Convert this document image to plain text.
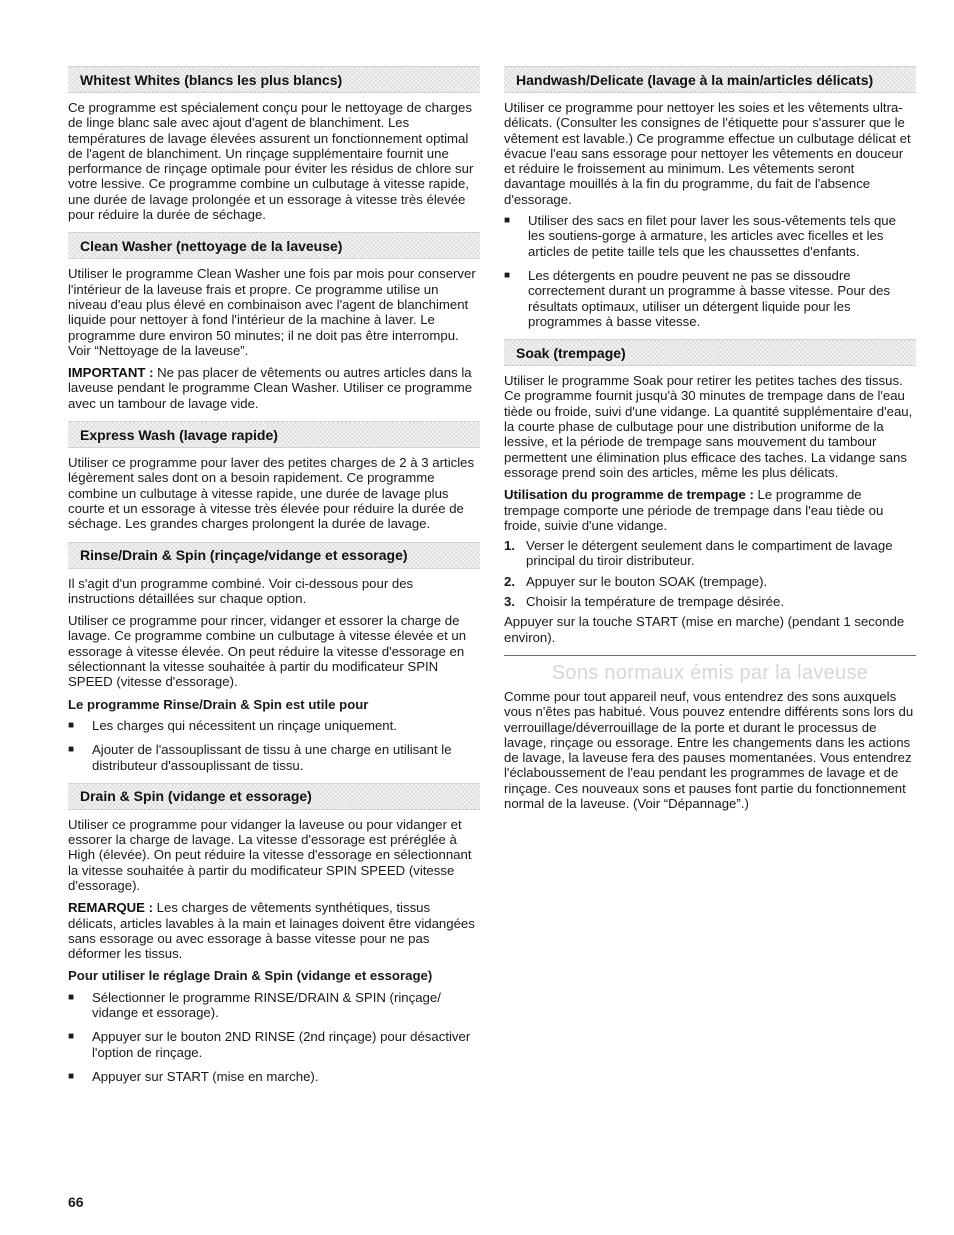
Whitest Whites (blancs les plus blancs)

Ce programme est spécialement conçu pour le nettoyage de charges de linge blanc sale avec ajout d'agent de blanchiment. Les températures de lavage élevées assurent un fonctionnement optimal de l'agent de blanchiment. Un rinçage supplémentaire fournit une performance de rinçage optimale pour éviter les résidus de chlore sur votre lessive. Ce programme combine un culbutage à vitesse rapide, une durée de lavage prolongée et un essorage à vitesse très élevée pour réduire la durée de séchage.

Clean Washer (nettoyage de la laveuse)

Utiliser le programme Clean Washer une fois par mois pour conserver l'intérieur de la laveuse frais et propre. Ce programme utilise un niveau d'eau plus élevé en combinaison avec l'agent de blanchiment liquide pour nettoyer à fond l'intérieur de la machine à laver. Le programme dure environ 50 minutes; il ne doit pas être interrompu. Voir “Nettoyage de la laveuse”.

IMPORTANT : Ne pas placer de vêtements ou autres articles dans la laveuse pendant le programme Clean Washer. Utiliser ce programme avec un tambour de lavage vide.

Express Wash (lavage rapide)

Utiliser ce programme pour laver des petites charges de 2 à 3 articles légèrement sales dont on a besoin rapidement. Ce programme combine un culbutage à vitesse rapide, une durée de lavage plus courte et un essorage à vitesse très élevée pour réduire la durée de séchage. Les grandes charges prolongent la durée de lavage.

Rinse/Drain & Spin (rinçage/vidange et essorage)

Il s'agit d'un programme combiné. Voir ci-dessous pour des instructions détaillées sur chaque option.

Utiliser ce programme pour rincer, vidanger et essorer la charge de lavage. Ce programme combine un culbutage à vitesse élevée et un essorage à vitesse élevée. On peut réduire la vitesse d'essorage en sélectionnant la vitesse souhaitée à partir du modificateur SPIN SPEED (vitesse d'essorage).

Le programme Rinse/Drain & Spin est utile pour

■	Les charges qui nécessitent un rinçage uniquement.
■	Ajouter de l'assouplissant de tissu à une charge en utilisant le distributeur d'assouplissant de tissu.
Drain & Spin (vidange et essorage)

Utiliser ce programme pour vidanger la laveuse ou pour vidanger et essorer la charge de lavage. La vitesse d'essorage est préréglée à High (élevée). On peut réduire la vitesse d'essorage en sélectionnant la vitesse souhaitée à partir du modificateur SPIN SPEED (vitesse d'essorage).

REMARQUE : Les charges de vêtements synthétiques, tissus délicats, articles lavables à la main et lainages doivent être vidangées sans essorage ou avec essorage à basse vitesse pour ne pas déformer les tissus.

Pour utiliser le réglage Drain & Spin (vidange et essorage)

■	Sélectionner le programme RINSE/DRAIN & SPIN (rinçage/ vidange et essorage).
■	Appuyer sur le bouton 2ND RINSE (2nd rinçage) pour désactiver l'option de rinçage.
■	Appuyer sur START (mise en marche).
Handwash/Delicate (lavage à la main/articles délicats)

Utiliser ce programme pour nettoyer les soies et les vêtements ultra-délicats. (Consulter les consignes de l'étiquette pour s'assurer que le vêtement est lavable.) Ce programme effectue un culbutage délicat et évacue l'eau sans essorage pour nettoyer les vêtements en douceur et réduire le froissement au minimum. Les vêtements seront davantage mouillés à la fin du programme, du fait de l'absence d'essorage.

■	Utiliser des sacs en filet pour laver les sous-vêtements tels que les soutiens-gorge à armature, les articles avec ficelles et les articles de petite taille tels que les chaussettes d'enfants.
■	Les détergents en poudre peuvent ne pas se dissoudre correctement durant un programme à basse vitesse. Pour des résultats optimaux, utiliser un détergent liquide pour les programmes à basse vitesse.
Soak (trempage)

Utiliser le programme Soak pour retirer les petites taches des tissus. Ce programme fournit jusqu'à 30 minutes de trempage dans de l'eau tiède ou froide, suivi d'une vidange. La quantité supplémentaire d'eau, la courte phase de culbutage pour une distribution uniforme de la lessive, et la période de trempage sans mouvement du tambour permettent une élimination plus efficace des taches. La vidange sans essorage prend soin des articles, même les plus délicats.

Utilisation du programme de trempage : Le programme de trempage comporte une période de trempage dans l'eau tiède ou froide, suivie d'une vidange.

1. Verser le détergent seulement dans le compartiment de lavage principal du tiroir distributeur.
2. Appuyer sur le bouton SOAK (trempage).
3. Choisir la température de trempage désirée.

Appuyer sur la touche START (mise en marche) (pendant 1 seconde environ).

Sons normaux émis par la laveuse

Comme pour tout appareil neuf, vous entendrez des sons auxquels vous n'êtes pas habitué. Vous pouvez entendre différents sons lors du verrouillage/déverrouillage de la porte et durant le processus de lavage, rinçage ou essorage. Entre les changements dans les actions de lavage, la laveuse fera des pauses momentanées. Vous entendrez l'éclaboussement de l'eau pendant les programmes de lavage et de rinçage. Ces nouveaux sons et pauses font partie du fonctionnement normal de la laveuse. (Voir “Dépannage”.)

66
